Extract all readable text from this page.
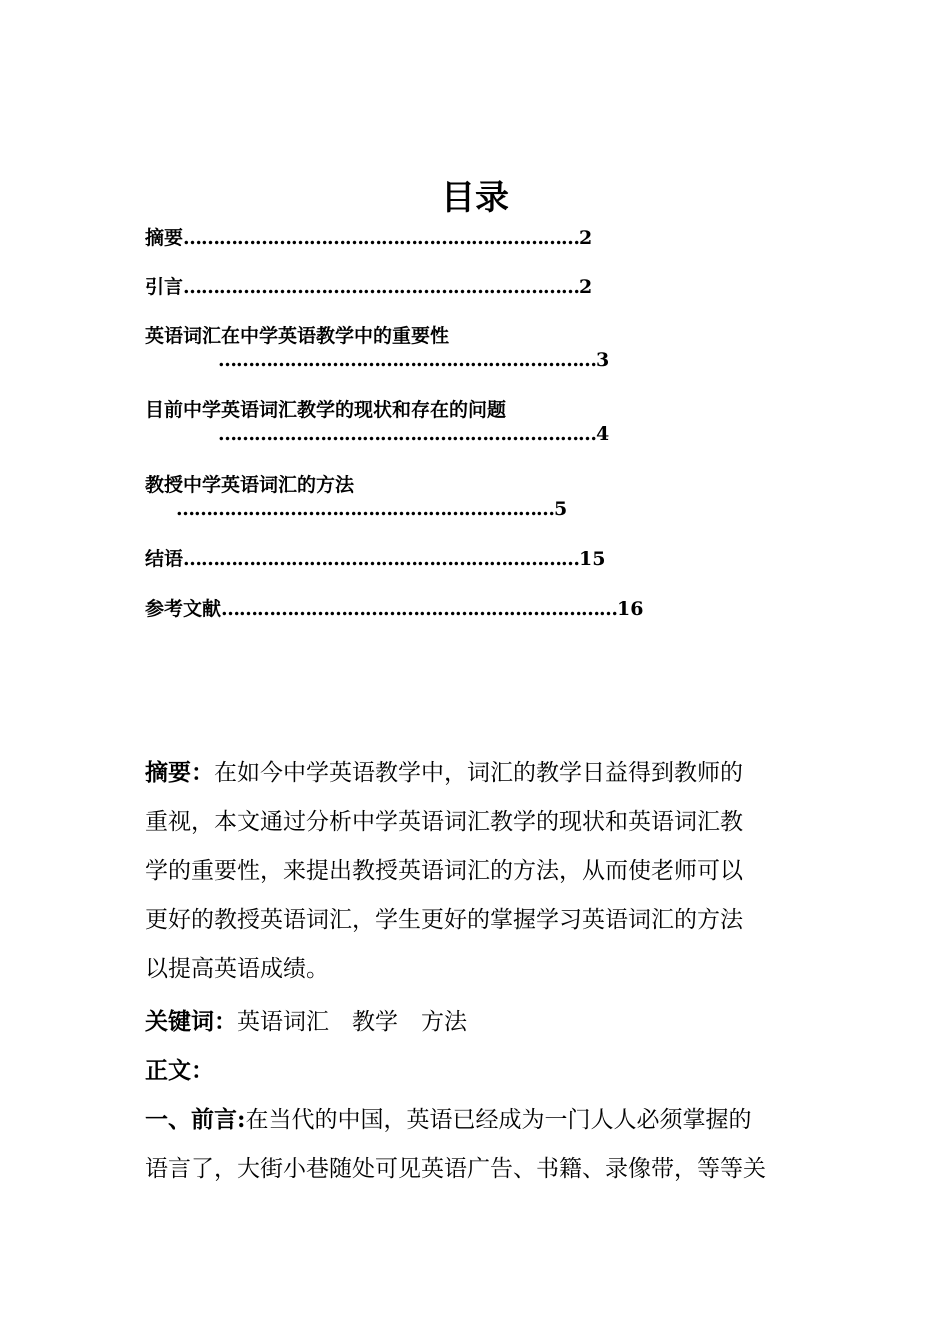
目录
摘要…………………………………………………………2
引言…………………………………………………………2
英语词汇在中学英语教学中的重要性
………………………………………………………3
目前中学英语词汇教学的现状和存在的问题
………………………………………………………4
教授中学英语词汇的方法
………………………………………………………5
结语…………………………………………………………15
参考文献…………………………………………………………16
摘要：在如今中学英语教学中，词汇的教学日益得到教师的
重视，本文通过分析中学英语词汇教学的现状和英语词汇教
学的重要性，来提出教授英语词汇的方法，从而使老师可以
更好的教授英语词汇，学生更好的掌握学习英语词汇的方法
以提高英语成绩。
关键词：英语词汇　教学　方法
正文：
一、前言:在当代的中国，英语已经成为一门人人必须掌握的
语言了，大街小巷随处可见英语广告、书籍、录像带，等等关
